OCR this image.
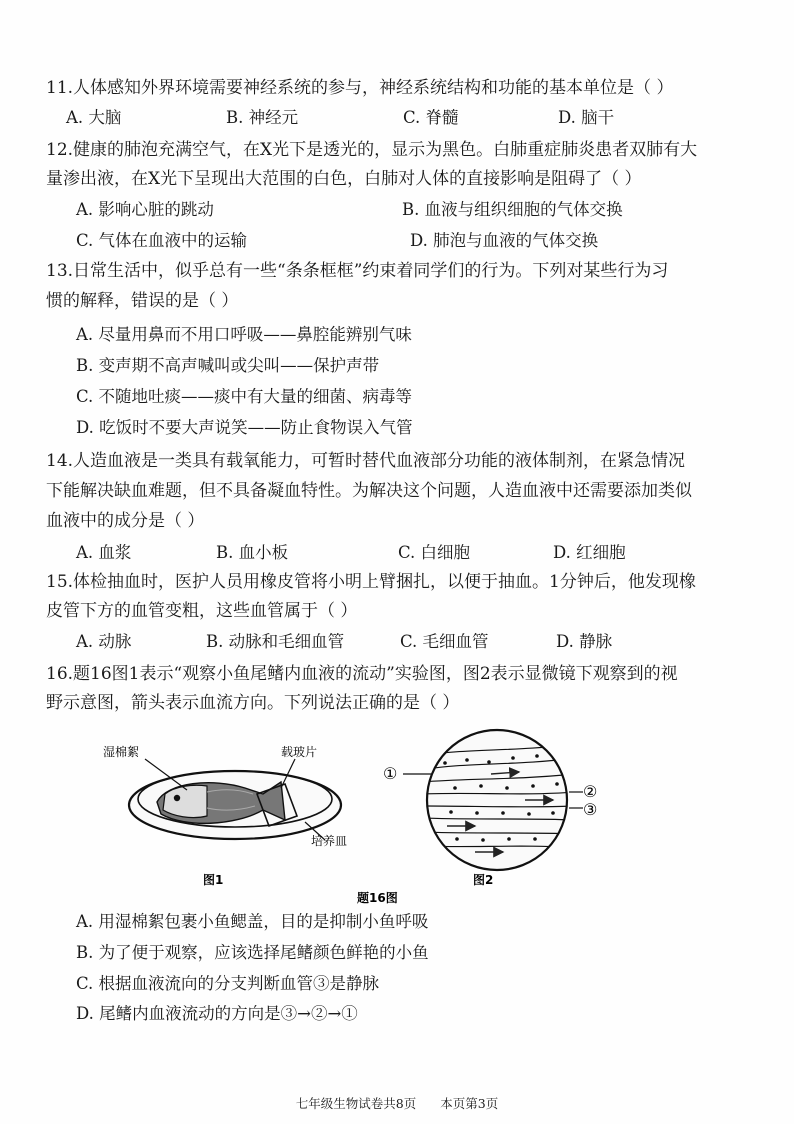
11.人体感知外界环境需要神经系统的参与，神经系统结构和功能的基本单位是（ ）
A. 大脑	B. 神经元	C. 脊髓	D. 脑干
12.健康的肺泡充满空气，在X光下是透光的，显示为黑色。白肺重症肺炎患者双肺有大
量渗出液，在X光下呈现出大范围的白色，白肺对人体的直接影响是阻碍了（ ）
A. 影响心脏的跳动	B. 血液与组织细胞的气体交换
C. 气体在血液中的运输	D. 肺泡与血液的气体交换
13.日常生活中，似乎总有一些“条条框框”约束着同学们的行为。下列对某些行为习
惯的解释，错误的是（ ）
A. 尽量用鼻而不用口呼吸——鼻腔能辨别气味
B. 变声期不高声喊叫或尖叫——保护声带
C. 不随地吐痰——痰中有大量的细菌、病毒等
D. 吃饭时不要大声说笑——防止食物误入气管
14.人造血液是一类具有载氧能力，可暂时替代血液部分功能的液体制剂，在紧急情况
下能解决缺血难题，但不具备凝血特性。为解决这个问题，人造血液中还需要添加类似
血液中的成分是（ ）
A. 血浆	B. 血小板	C. 白细胞	D. 红细胞
15.体检抽血时，医护人员用橡皮管将小明上臂捆扎，以便于抽血。1分钟后，他发现橡
皮管下方的血管变粗，这些血管属于（ ）
A. 动脉	B. 动脉和毛细血管	C. 毛细血管	D. 静脉
16.题16图1表示“观察小鱼尾鳍内血液的流动”实验图，图2表示显微镜下观察到的视
野示意图，箭头表示血流方向。下列说法正确的是（ ）
湿棉絮	载玻片
培养皿
图1
①
②
③
图2
题16图
A. 用湿棉絮包裹小鱼鳃盖，目的是抑制小鱼呼吸
B. 为了便于观察，应该选择尾鳍颜色鲜艳的小鱼
C. 根据血液流向的分支判断血管③是静脉
D. 尾鳍内血液流动的方向是③→②→①
七年级生物试卷共8页 本页第3页
